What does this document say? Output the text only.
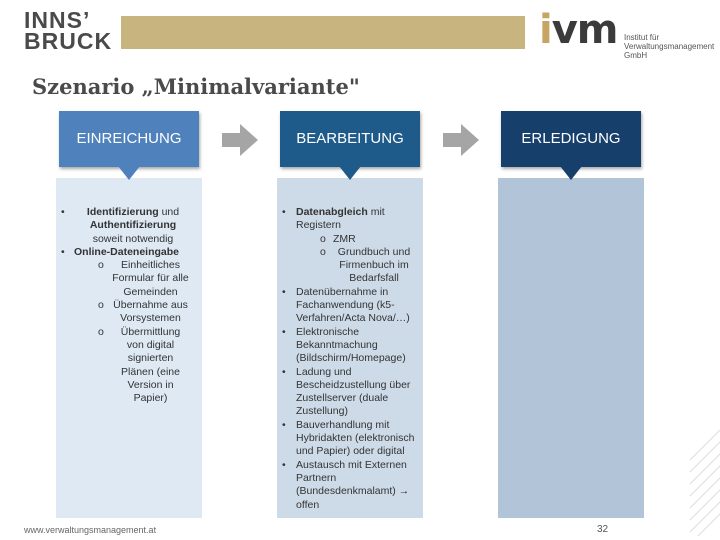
INNS’
BRUCK	ivm Institut für
Verwaltungsmanagement
GmbH
Szenario „Minimalvariante"
EINREICHUNG	BEARBEITUNG	ERLEDIGUNG
•	Identifizierung und
Authentifizierung
soweit notwendig
• Online-Dateneingabe
o	Einheitliches Formular für alle Gemeinden
o Übernahme aus Vorsystemen
o	Übermittlung von digital signierten Plänen (eine Version in Papier)
• Datenabgleich mit Registern
o ZMR
o	Grundbuch und Firmenbuch im Bedarfsfall
• Datenübernahme in Fachanwendung (k5-Verfahren/Acta Nova/…)
• Elektronische Bekanntmachung (Bildschirm/Homepage)
• Ladung und Bescheidzustellung über Zustellserver (duale Zustellung)
• Bauverhandlung mit Hybridakten (elektronisch und Papier) oder digital
• Austausch mit Externen Partnern (Bundesdenkmalamt) → offen
www.verwaltungsmanagement.at	32
